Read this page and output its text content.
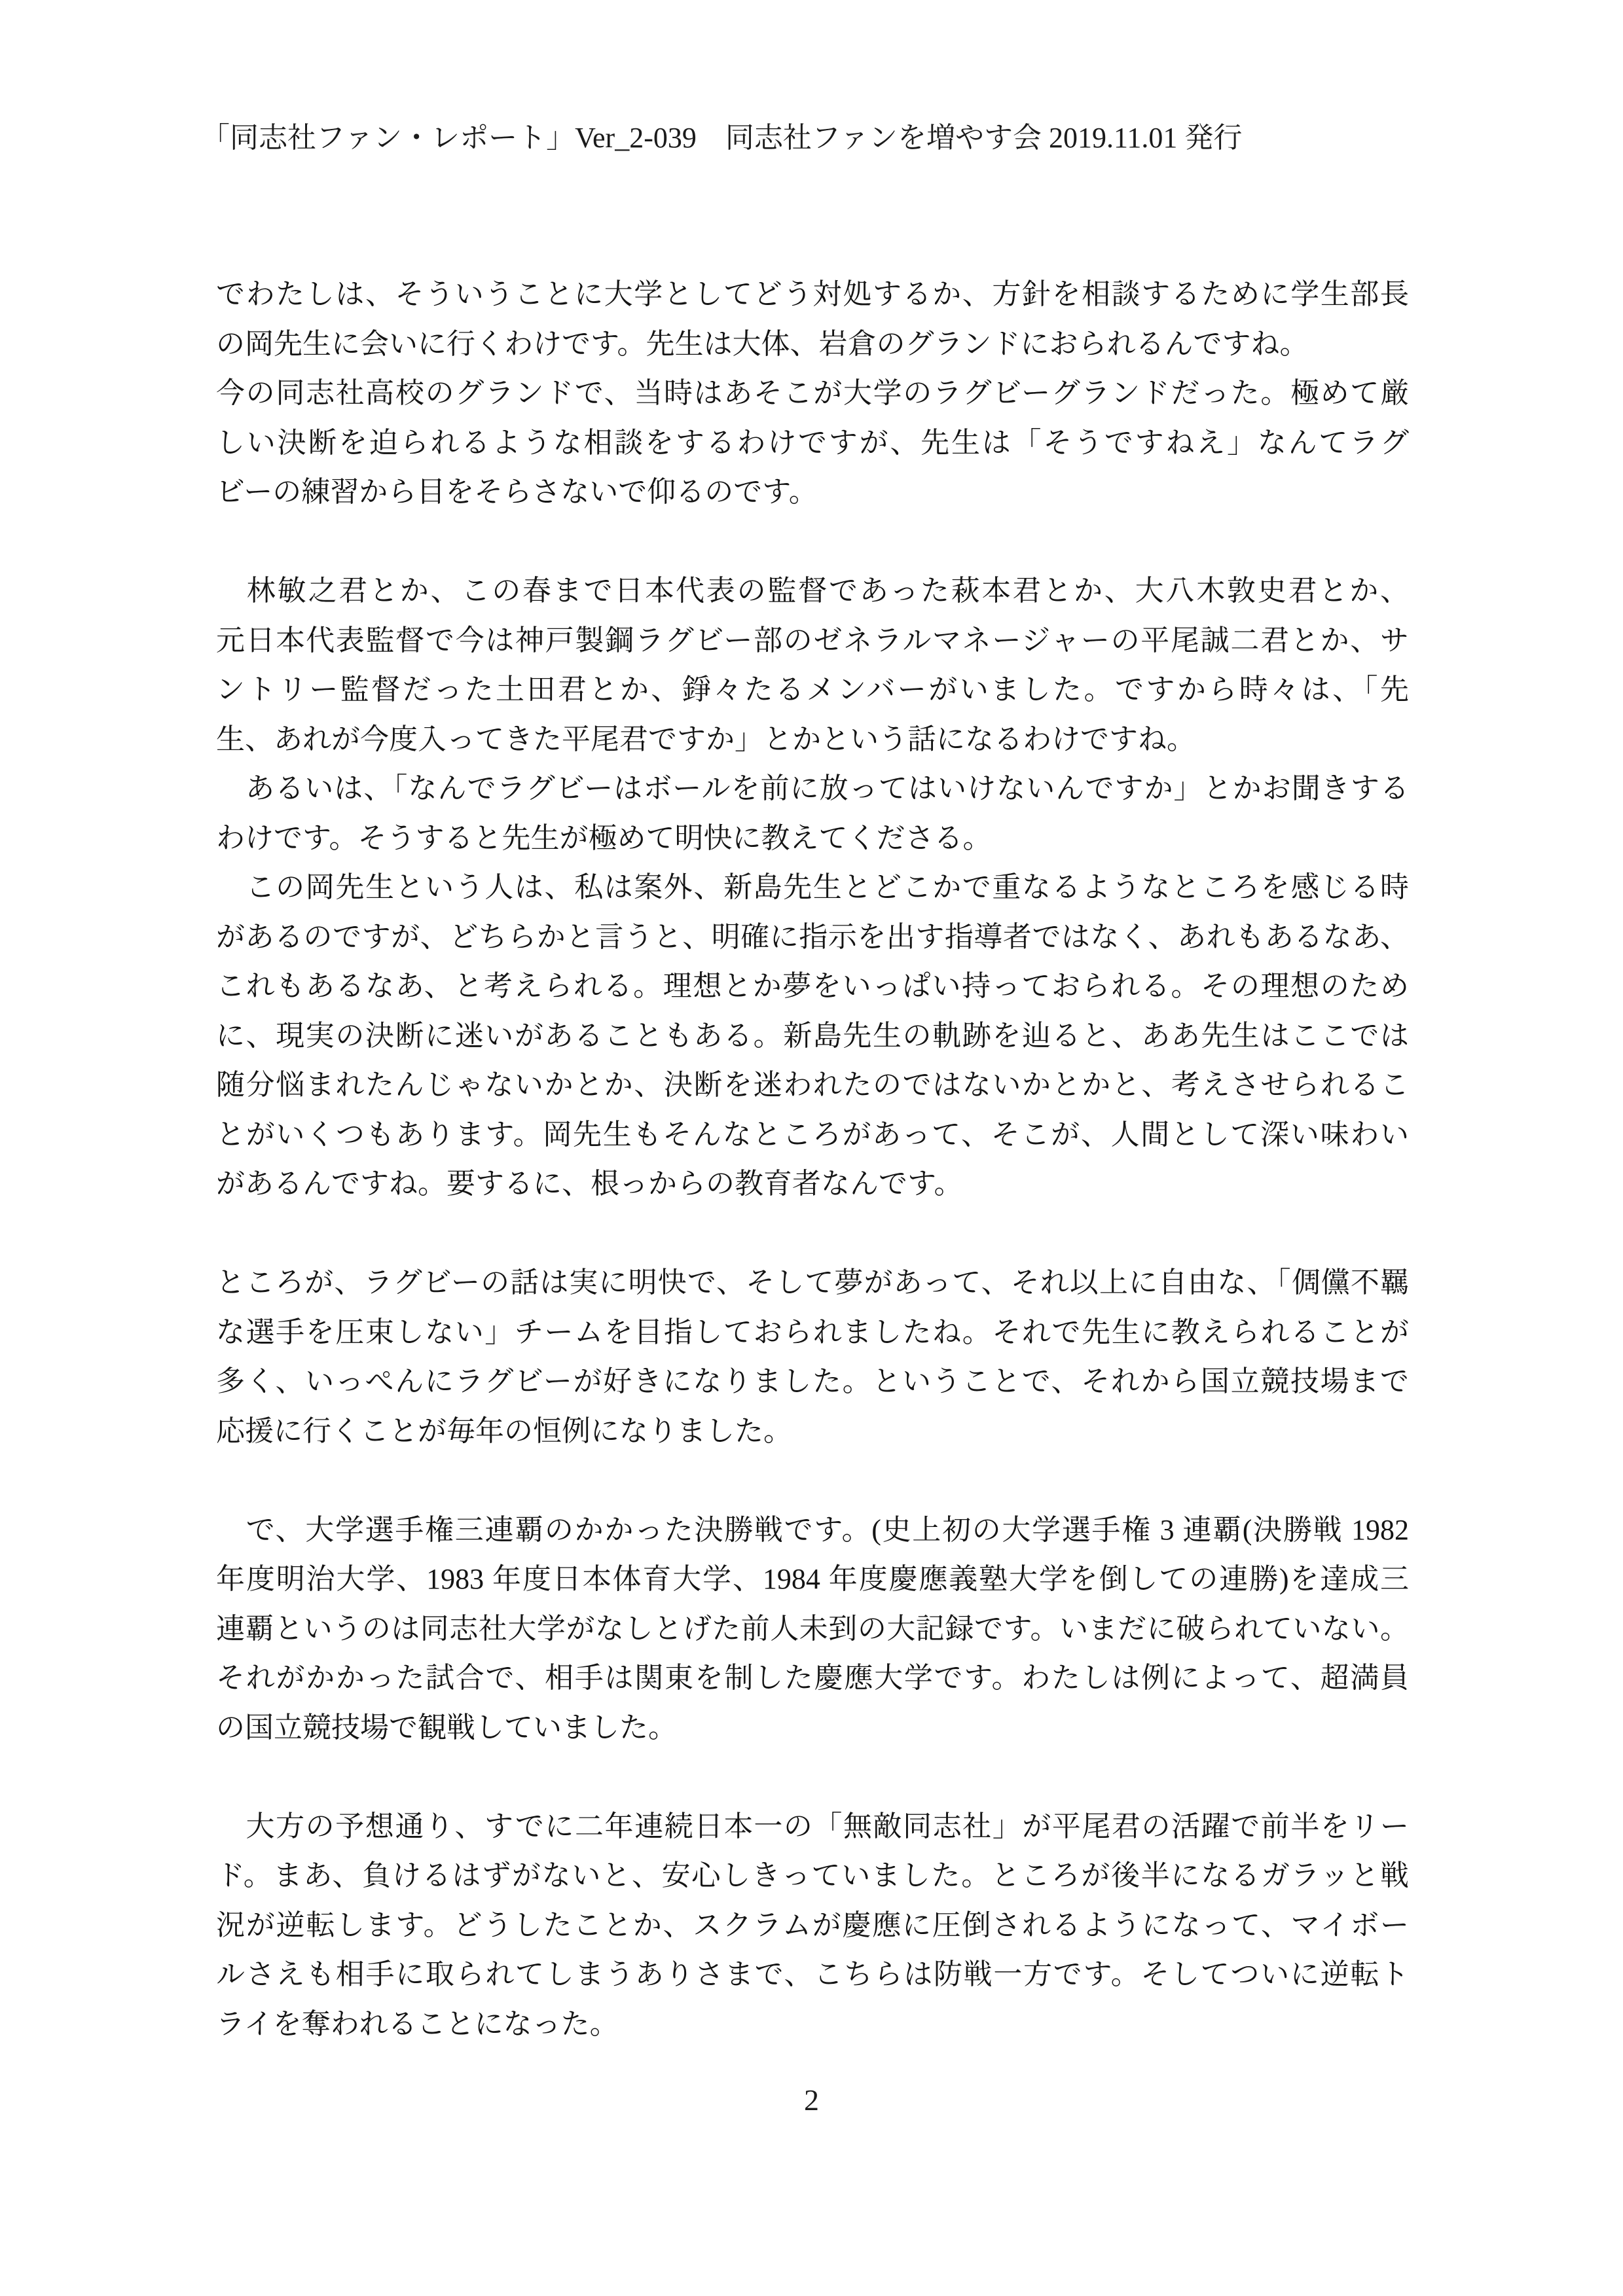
「同志社ファン・レポート」Ver_2-039　同志社ファンを増やす会 2019.11.01 発行
でわたしは、そういうことに大学としてどう対処するか、方針を相談するために学生部長
の岡先生に会いに行くわけです。先生は大体、岩倉のグランドにおられるんですね。
今の同志社高校のグランドで、当時はあそこが大学のラグビーグランドだった。極めて厳
しい決断を迫られるような相談をするわけですが、先生は「そうですねえ」なんてラグ
ビーの練習から目をそらさないで仰るのです。

　林敏之君とか、この春まで日本代表の監督であった萩本君とか、大八木敦史君とか、
元日本代表監督で今は神戸製鋼ラグビー部のゼネラルマネージャーの平尾誠二君とか、サ
ントリー監督だった土田君とか、錚々たるメンバーがいました。ですから時々は、「先
生、あれが今度入ってきた平尾君ですか」とかという話になるわけですね。
　あるいは、「なんでラグビーはボールを前に放ってはいけないんですか」とかお聞きする
わけです。そうすると先生が極めて明快に教えてくださる。
　この岡先生という人は、私は案外、新島先生とどこかで重なるようなところを感じる時
があるのですが、どちらかと言うと、明確に指示を出す指導者ではなく、あれもあるなあ、
これもあるなあ、と考えられる。理想とか夢をいっぱい持っておられる。その理想のため
に、現実の決断に迷いがあることもある。新島先生の軌跡を辿ると、ああ先生はここでは
随分悩まれたんじゃないかとか、決断を迷われたのではないかとかと、考えさせられるこ
とがいくつもあります。岡先生もそんなところがあって、そこが、人間として深い味わい
があるんですね。要するに、根っからの教育者なんです。

ところが、ラグビーの話は実に明快で、そして夢があって、それ以上に自由な、「倜儻不羈
な選手を圧束しない」チームを目指しておられましたね。それで先生に教えられることが
多く、いっぺんにラグビーが好きになりました。ということで、それから国立競技場まで
応援に行くことが毎年の恒例になりました。

　で、大学選手権三連覇のかかった決勝戦です。(史上初の大学選手権 3 連覇(決勝戦 1982
年度明治大学、1983 年度日本体育大学、1984 年度慶應義塾大学を倒しての連勝)を達成三
連覇というのは同志社大学がなしとげた前人未到の大記録です。いまだに破られていない。
それがかかった試合で、相手は関東を制した慶應大学です。わたしは例によって、超満員
の国立競技場で観戦していました。

　大方の予想通り、すでに二年連続日本一の「無敵同志社」が平尾君の活躍で前半をリー
ド。まあ、負けるはずがないと、安心しきっていました。ところが後半になるガラッと戦
況が逆転します。どうしたことか、スクラムが慶應に圧倒されるようになって、マイボー
ルさえも相手に取られてしまうありさまで、こちらは防戦一方です。そしてついに逆転ト
ライを奪われることになった。
2
